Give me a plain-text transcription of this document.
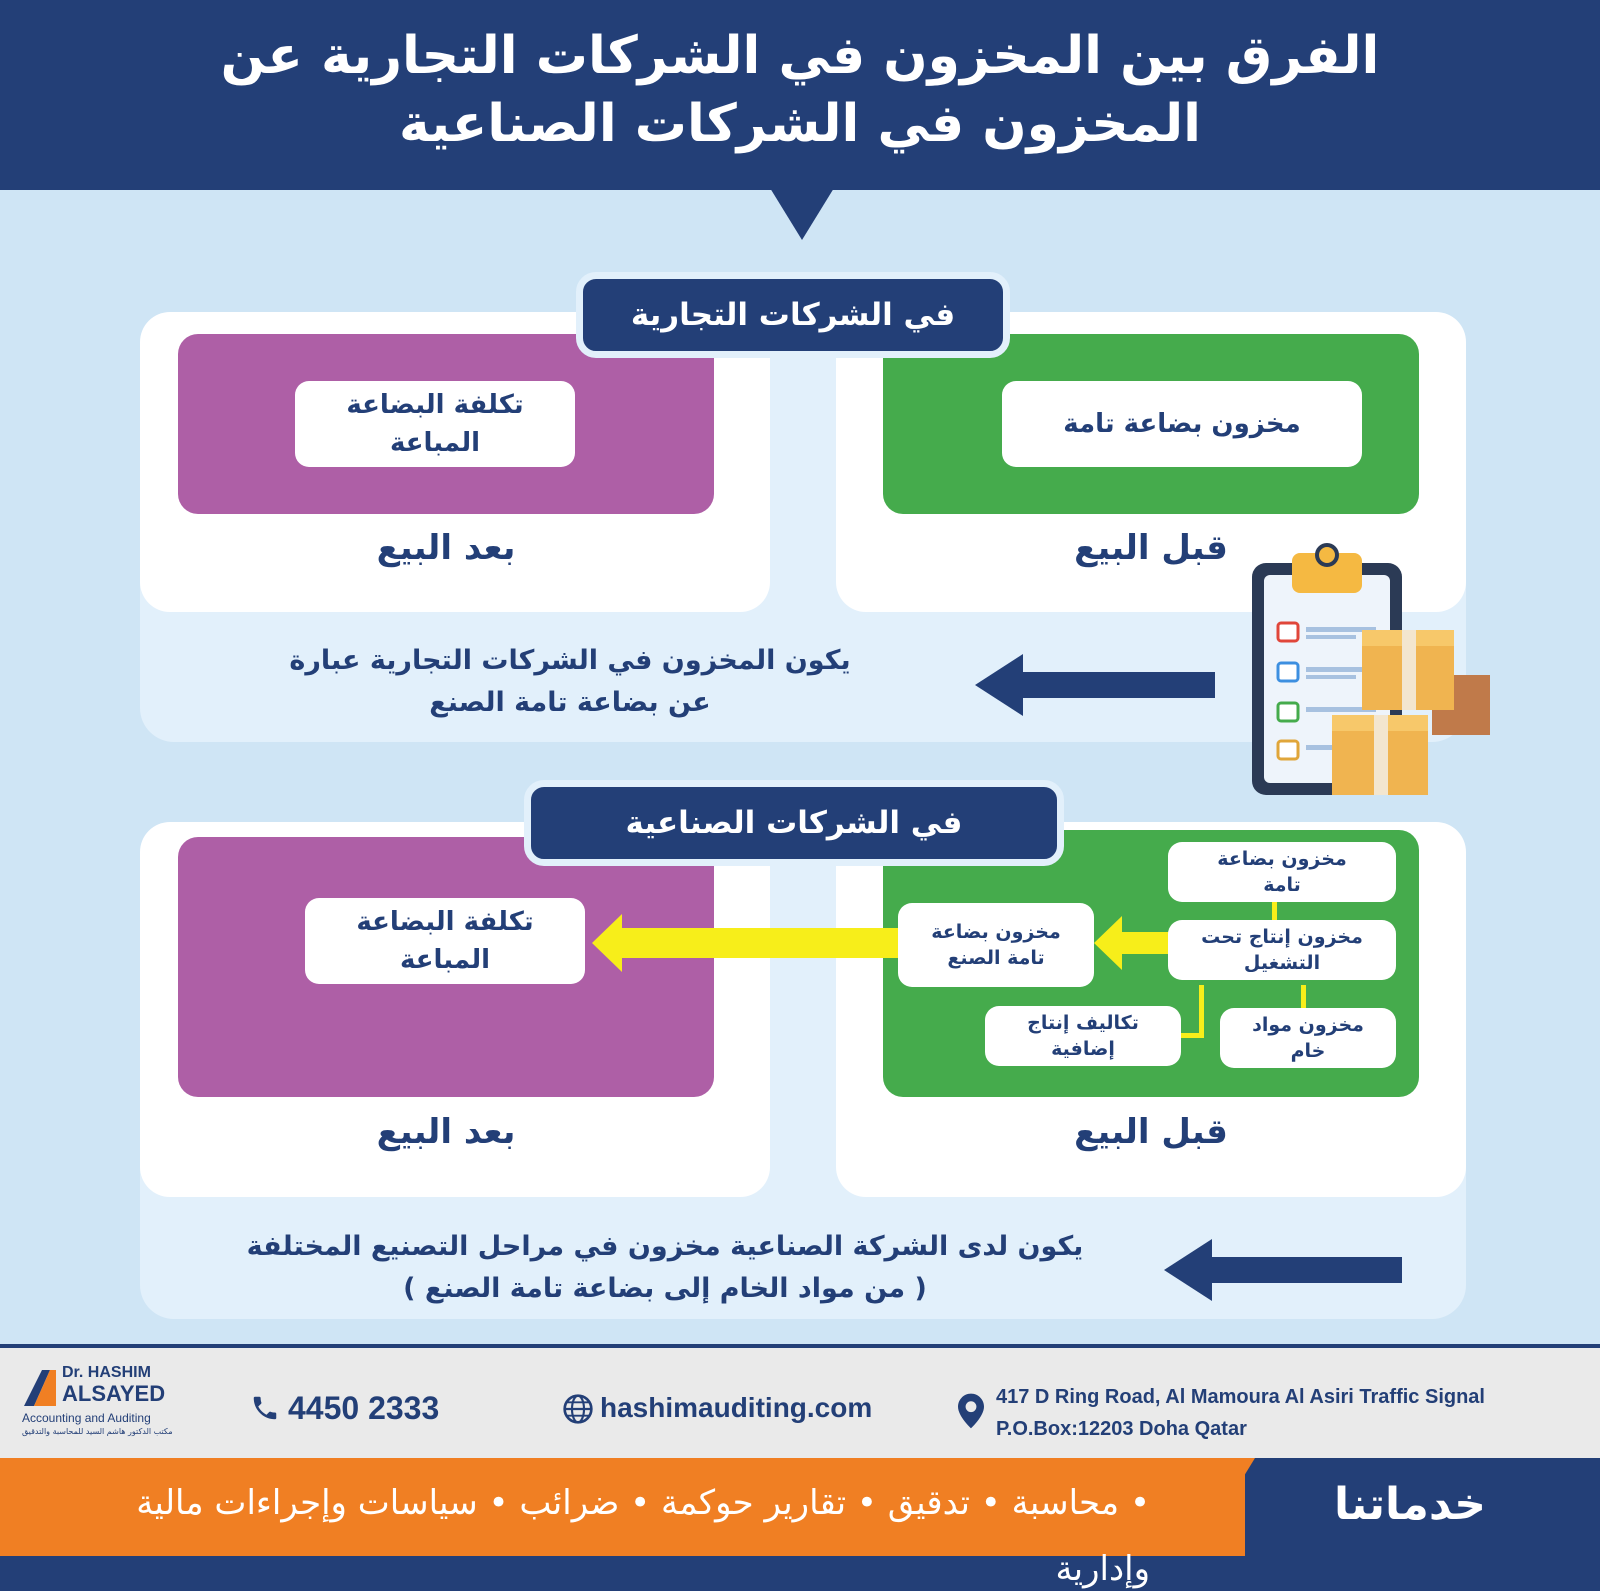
الفرق بين المخزون في الشركات التجارية عن
المخزون في الشركات الصناعية
تكلفة البضاعة
المباعة
بعد البيع
مخزون بضاعة تامة
قبل البيع
في الشركات التجارية
يكون المخزون في الشركات التجارية عبارة
عن بضاعة تامة الصنع
تكلفة البضاعة
المباعة
بعد البيع
مخزون بضاعة
تامة
مخزون إنتاج تحت
التشغيل
مخزون بضاعة
تامة الصنع
تكاليف إنتاج
إضافية
مخزون مواد
خام
قبل البيع
في الشركات الصناعية
يكون لدى الشركة الصناعية مخزون في مراحل التصنيع المختلفة
( من مواد الخام إلى بضاعة تامة الصنع )
Dr. HASHIM
ALSAYED
Accounting and Auditing
مكتب الدكتور هاشم السيد للمحاسبة والتدقيق
4450 2333	hashimauditing.com	417 D Ring Road, Al Mamoura Al Asiri Traffic Signal
P.O.Box:12203 Doha Qatar
• محاسبة • تدقيق • تقارير حوكمة • ضرائب • سياسات وإجراءات مالية وإدارية
خدماتنا
